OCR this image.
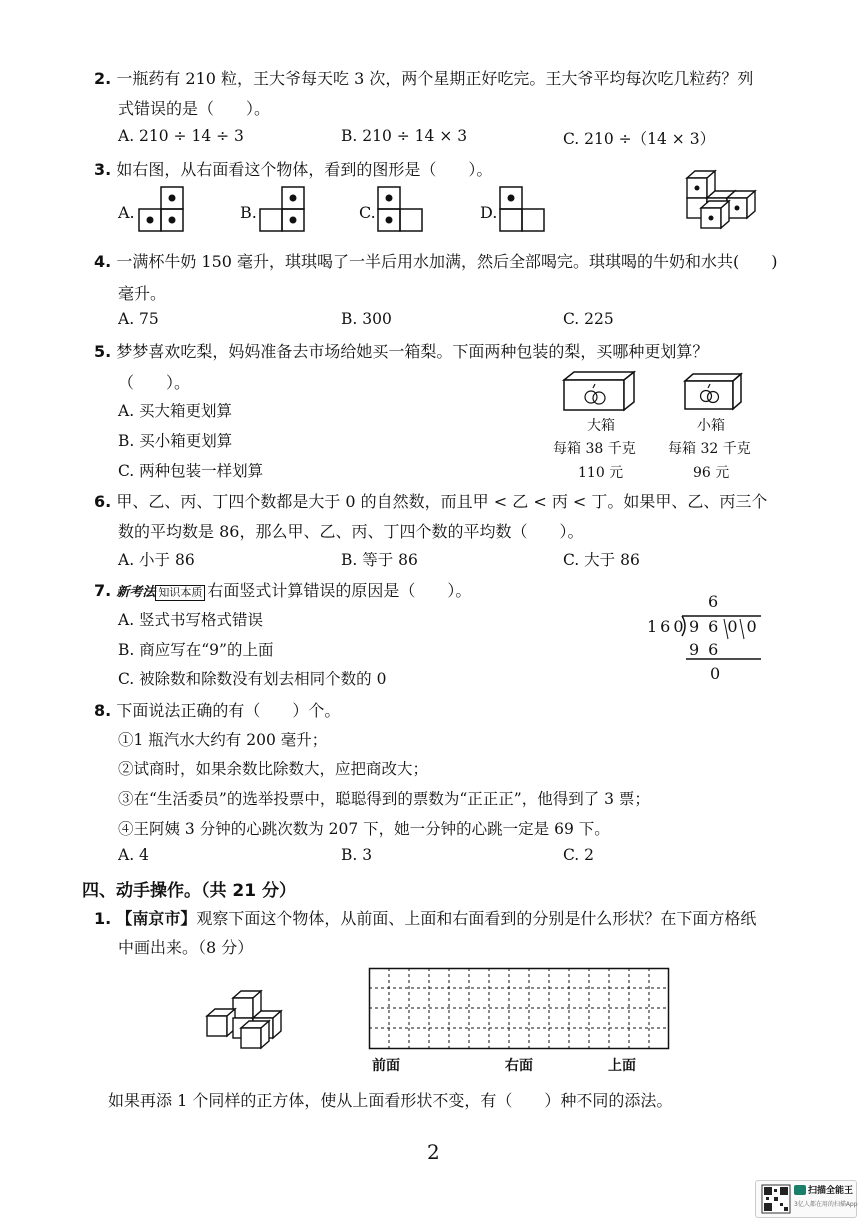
2. 一瓶药有 210 粒，王大爷每天吃 3 次，两个星期正好吃完。王大爷平均每次吃几粒药？列
式错误的是（　　）。
A. 210 ÷ 14 ÷ 3	B. 210 ÷ 14 × 3	C. 210 ÷（14 × 3）
3. 如右图，从右面看这个物体，看到的图形是（　　）。
A.	B.	C.	D.
4. 一满杯牛奶 150 毫升，琪琪喝了一半后用水加满，然后全部喝完。琪琪喝的牛奶和水共(　　)
毫升。
A. 75	B. 300	C. 225
5. 梦梦喜欢吃梨，妈妈准备去市场给她买一箱梨。下面两种包装的梨，买哪种更划算？
（　　）。
A. 买大箱更划算
B. 买小箱更划算
C. 两种包装一样划算
大箱
每箱 38 千克
110 元
小箱
每箱 32 千克
96 元
6. 甲、乙、丙、丁四个数都是大于 0 的自然数，而且甲 < 乙 < 丙 < 丁。如果甲、乙、丙三个
数的平均数是 86，那么甲、乙、丙、丁四个数的平均数（　　）。
A. 小于 86	B. 等于 86	C. 大于 86
7. 新考法 知识本质 右面竖式计算错误的原因是（　　）。
A. 竖式书写格式错误
B. 商应写在“9”的上面
C. 被除数和除数没有划去相同个数的 0
6
160 9600
96
0
8. 下面说法正确的有（　　）个。
①1 瓶汽水大约有 200 毫升；
②试商时，如果余数比除数大，应把商改大；
③在“生活委员”的选举投票中，聪聪得到的票数为“正正正”，他得到了 3 票；
④王阿姨 3 分钟的心跳次数为 207 下，她一分钟的心跳一定是 69 下。
A. 4	B. 3	C. 2
四、动手操作。（共 21 分）
1. 【南京市】观察下面这个物体，从前面、上面和右面看到的分别是什么形状？在下面方格纸
中画出来。（8 分）
前面	右面	上面
如果再添 1 个同样的正方体，使从上面看形状不变，有（　　）种不同的添法。
2
扫描全能王
3亿人都在用的扫描App
